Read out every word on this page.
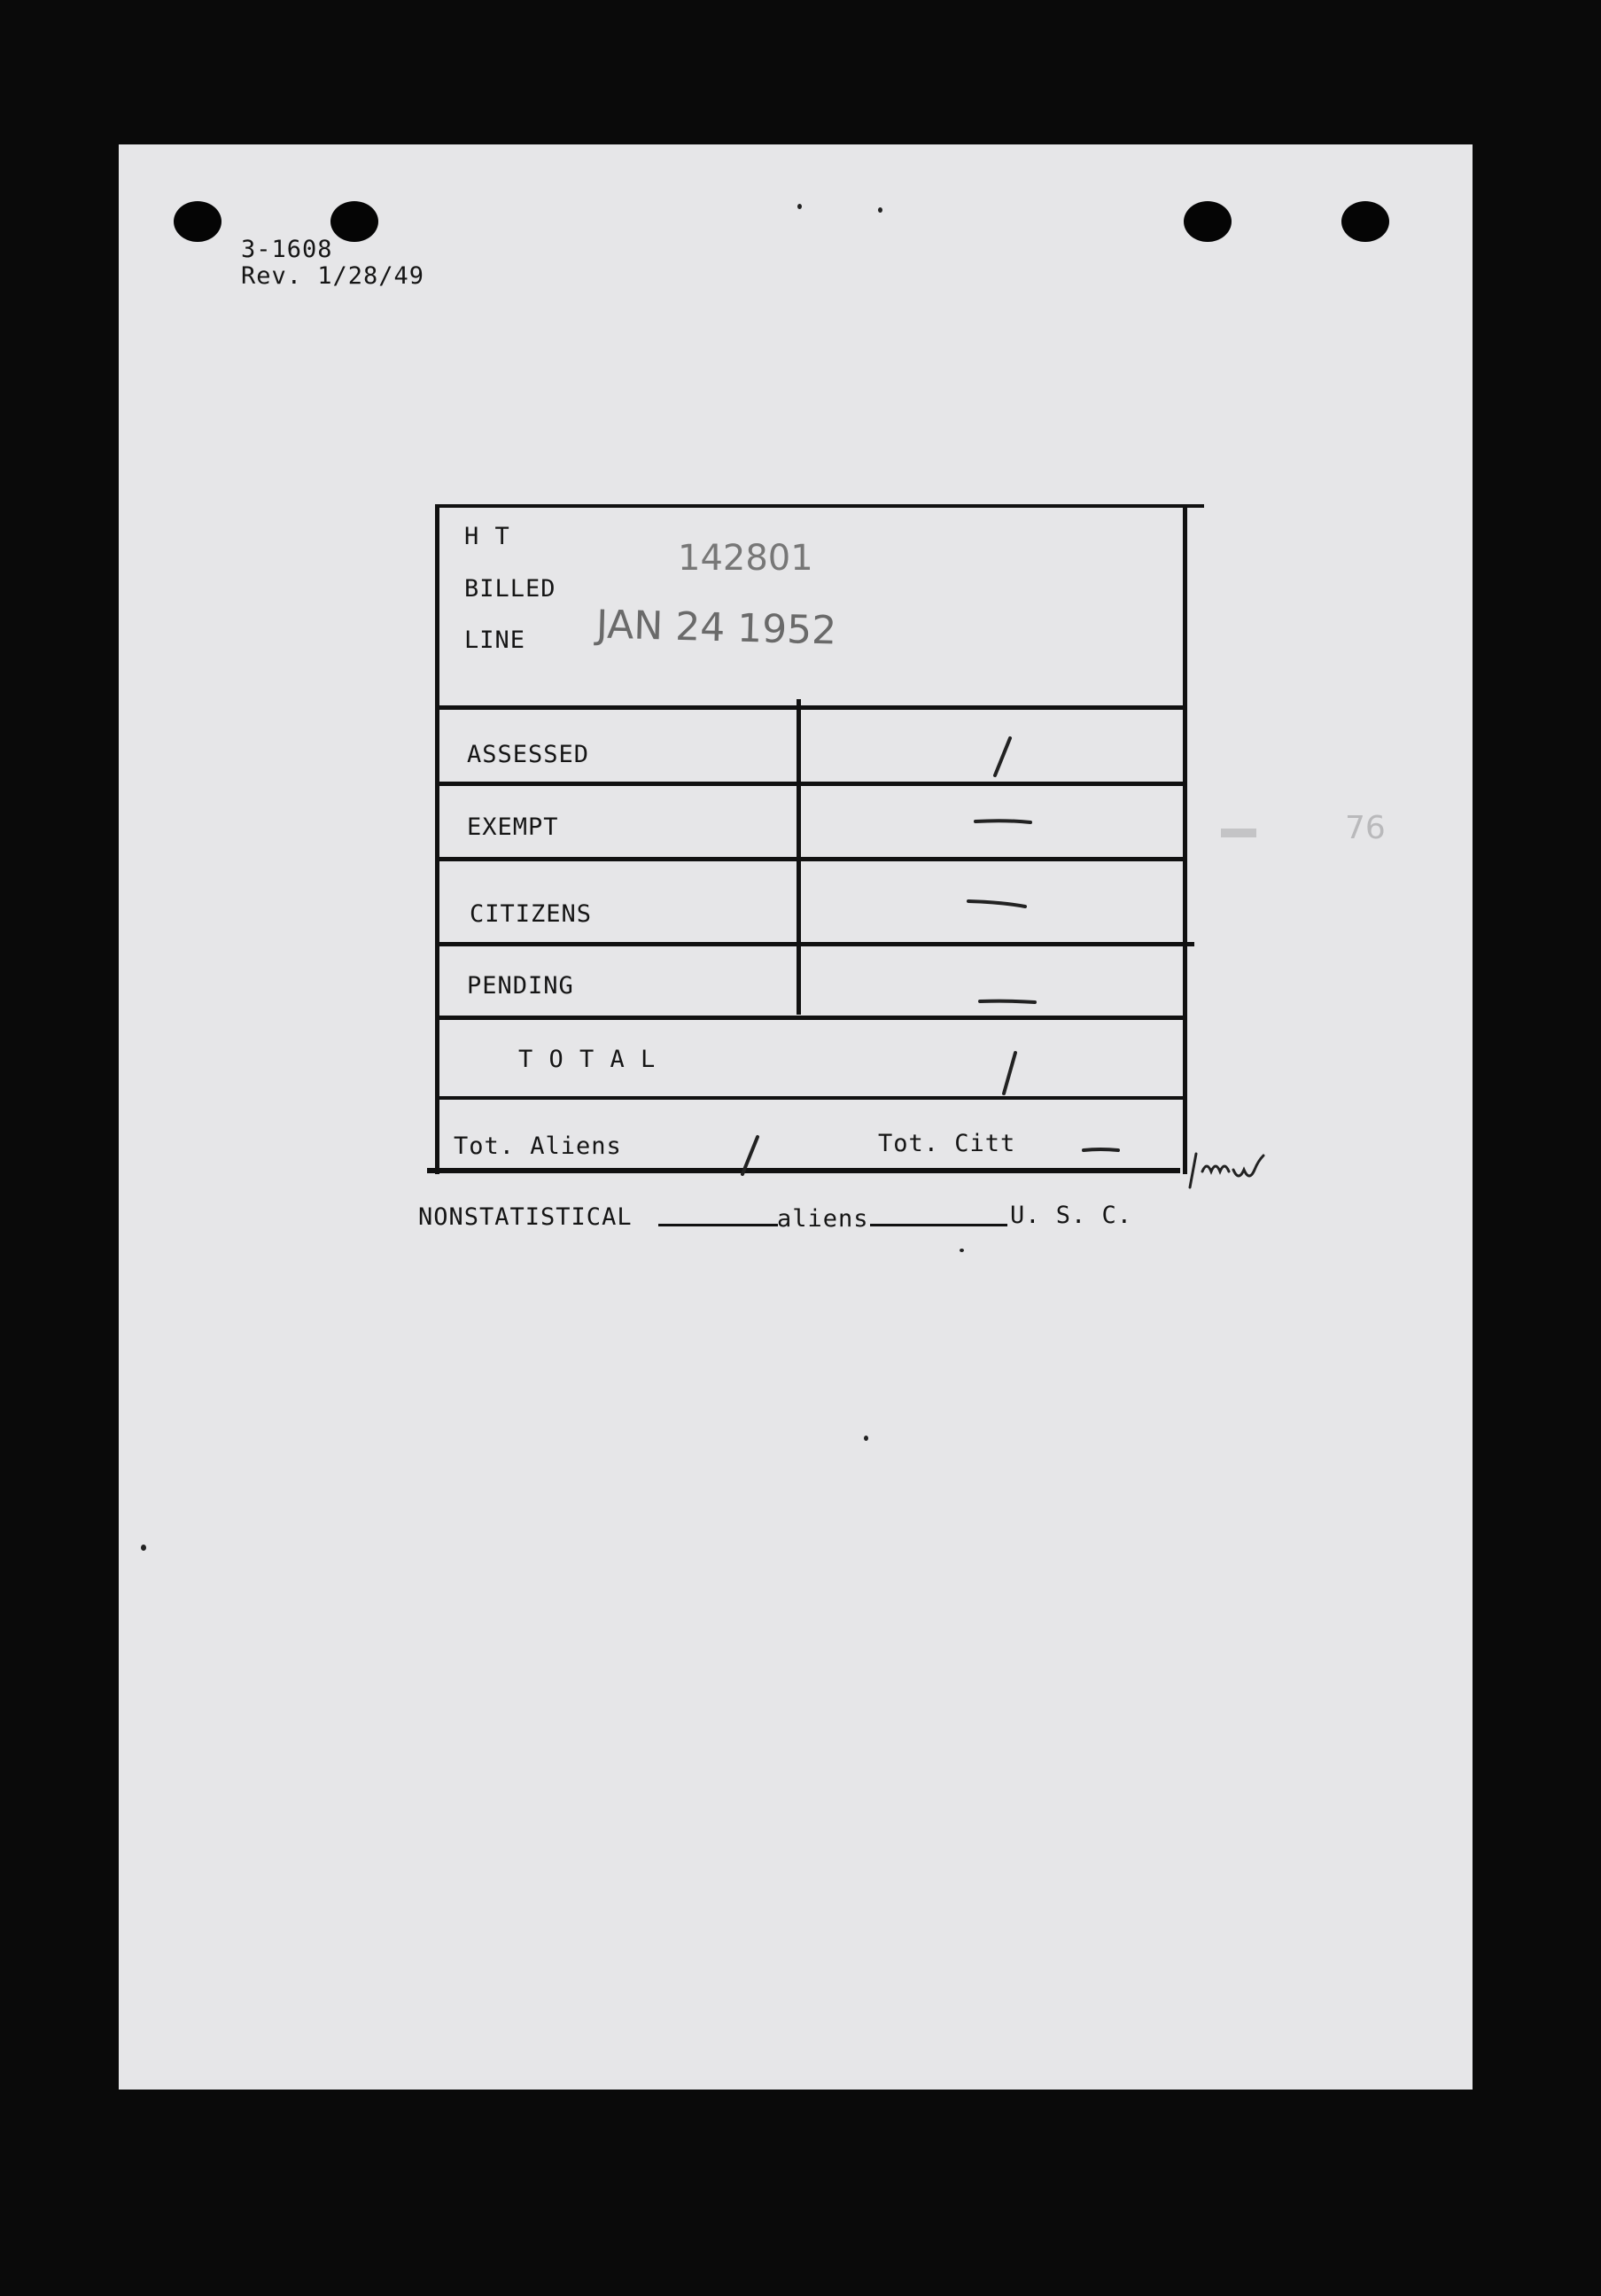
3-1608
Rev. 1/28/49
H T
BILLED
LINE
142801
JAN 24 1952
ASSESSED
EXEMPT
CITIZENS
PENDING
T O T A L
Tot. Aliens	Tot. Citt
NONSTATISTICAL	aliens	U. S. C.
76
